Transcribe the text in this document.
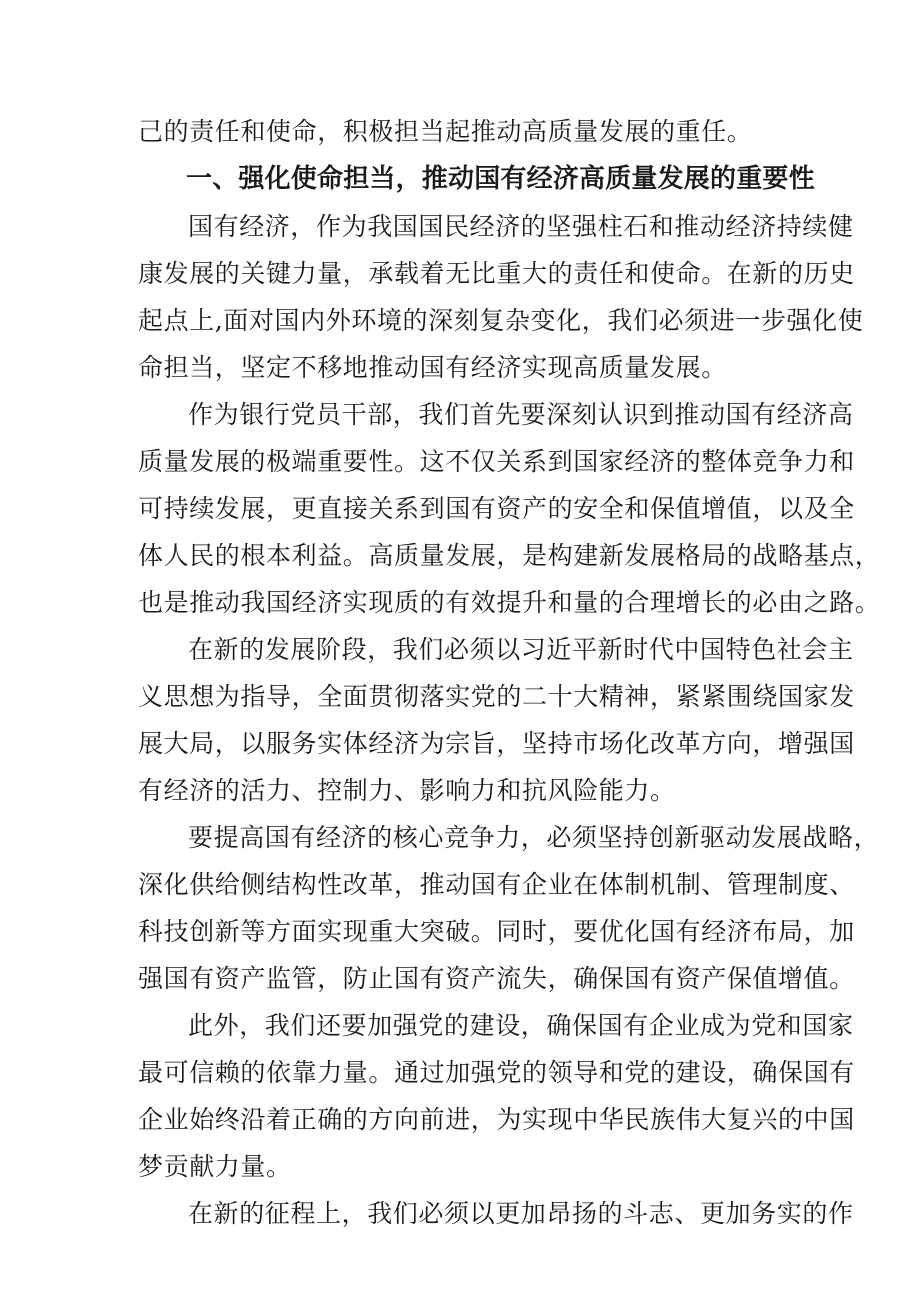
己的责任和使命，积极担当起推动高质量发展的重任。
一、强化使命担当，推动国有经济高质量发展的重要性
国有经济，作为我国国民经济的坚强柱石和推动经济持续健
康发展的关键力量，承载着无比重大的责任和使命。在新的历史
起点上,面对国内外环境的深刻复杂变化，我们必须进一步强化使
命担当，坚定不移地推动国有经济实现高质量发展。
作为银行党员干部，我们首先要深刻认识到推动国有经济高
质量发展的极端重要性。这不仅关系到国家经济的整体竞争力和
可持续发展，更直接关系到国有资产的安全和保值增值，以及全
体人民的根本利益。高质量发展，是构建新发展格局的战略基点，
也是推动我国经济实现质的有效提升和量的合理增长的必由之路。
在新的发展阶段，我们必须以习近平新时代中国特色社会主
义思想为指导，全面贯彻落实党的二十大精神，紧紧围绕国家发
展大局，以服务实体经济为宗旨，坚持市场化改革方向，增强国
有经济的活力、控制力、影响力和抗风险能力。
要提高国有经济的核心竞争力，必须坚持创新驱动发展战略，
深化供给侧结构性改革，推动国有企业在体制机制、管理制度、
科技创新等方面实现重大突破。同时，要优化国有经济布局，加
强国有资产监管，防止国有资产流失，确保国有资产保值增值。
此外，我们还要加强党的建设，确保国有企业成为党和国家
最可信赖的依靠力量。通过加强党的领导和党的建设，确保国有
企业始终沿着正确的方向前进，为实现中华民族伟大复兴的中国
梦贡献力量。
在新的征程上，我们必须以更加昂扬的斗志、更加务实的作
